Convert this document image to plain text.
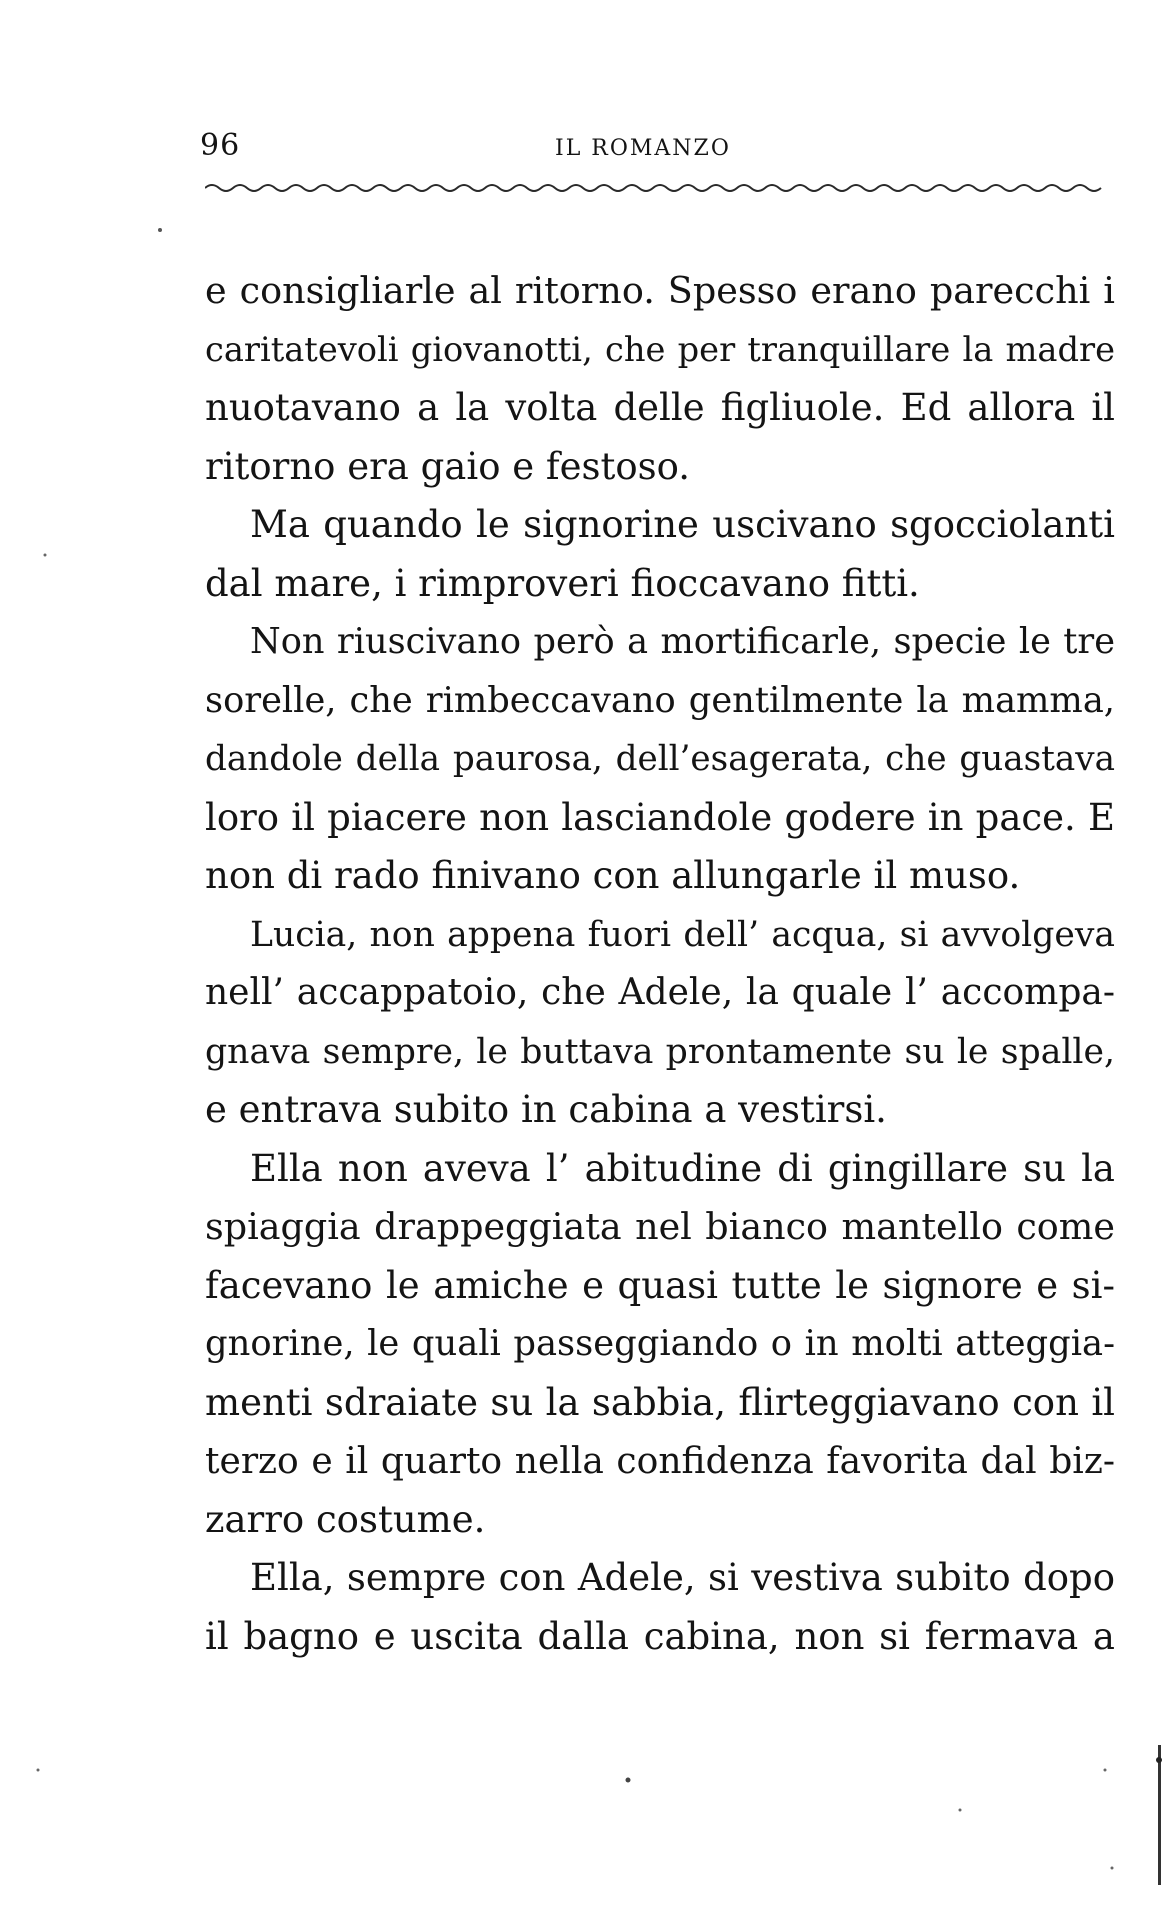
96	IL ROMANZO
e consigliarle al ritorno. Spesso erano parecchi i
caritatevoli giovanotti, che per tranquillare la madre
nuotavano a la volta delle figliuole. Ed allora il
ritorno era gaio e festoso.
Ma quando le signorine uscivano sgocciolanti
dal mare, i rimproveri fioccavano fitti.
Non riuscivano però a mortificarle, specie le tre
sorelle, che rimbeccavano gentilmente la mamma,
dandole della paurosa, dell’esagerata, che guastava
loro il piacere non lasciandole godere in pace. E
non di rado finivano con allungarle il muso.
Lucia, non appena fuori dell’ acqua, si avvolgeva
nell’ accappatoio, che Adele, la quale l’ accompa-
gnava sempre, le buttava prontamente su le spalle,
e entrava subito in cabina a vestirsi.
Ella non aveva l’ abitudine di gingillare su la
spiaggia drappeggiata nel bianco mantello come
facevano le amiche e quasi tutte le signore e si-
gnorine, le quali passeggiando o in molti atteggia-
menti sdraiate su la sabbia, flirteggiavano con il
terzo e il quarto nella confidenza favorita dal biz-
zarro costume.
Ella, sempre con Adele, si vestiva subito dopo
il bagno e uscita dalla cabina, non si fermava a
